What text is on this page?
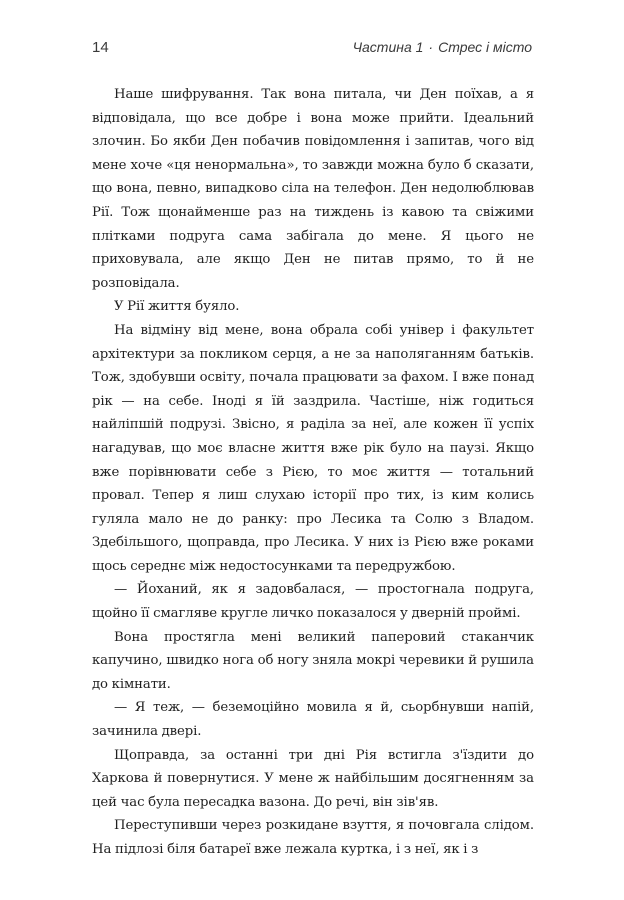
14	Частина 1 · Стрес і місто

Наше шифрування. Так вона питала, чи Ден поїхав, а я відповідала, що все добре і вона може прийти. Ідеальний злочин. Бо якби Ден побачив повідомлення і запитав, чого від мене хоче «ця ненормальна», то завжди можна було б сказати, що вона, певно, випадково сіла на телефон. Ден недолюблював Рії. Тож щонайменше раз на тиждень із кавою та свіжими плітками подруга сама забігала до мене. Я цього не приховувала, але якщо Ден не питав прямо, то й не розповідала.

У Рії життя буяло.

На відміну від мене, вона обрала собі універ і факультет архітектури за покликом серця, а не за наполяганням батьків. Тож, здобувши освіту, почала працювати за фахом. І вже понад рік — на себе. Іноді я їй заздрила. Частіше, ніж годиться найліпшій подрузі. Звісно, я раділа за неї, але кожен її успіх нагадував, що моє власне життя вже рік було на паузі. Якщо вже порівнювати себе з Рією, то моє життя — тотальний провал. Тепер я лиш слухаю історії про тих, із ким колись гуляла мало не до ранку: про Лесика та Солю з Владом. Здебільшого, щоправда, про Лесика. У них із Рією вже роками щось середнє між недостосунками та передружбою.

— Йоханий, як я задовбалася, — простогнала подруга, щойно її смагляве кругле личко показалося у дверній проймі.

Вона простягла мені великий паперовий стаканчик капучино, швидко нога об ногу зняла мокрі черевики й рушила до кімнати.

— Я теж, — беземоційно мовила я й, сьорбнувши напій, зачинила двері.

Щоправда, за останні три дні Рія встигла з'їздити до Харкова й повернутися. У мене ж найбільшим досягненням за цей час була пересадка вазона. До речі, він зів'яв.

Переступивши через розкидане взуття, я почовгала слідом. На підлозі біля батареї вже лежала куртка, і з неї, як і з
